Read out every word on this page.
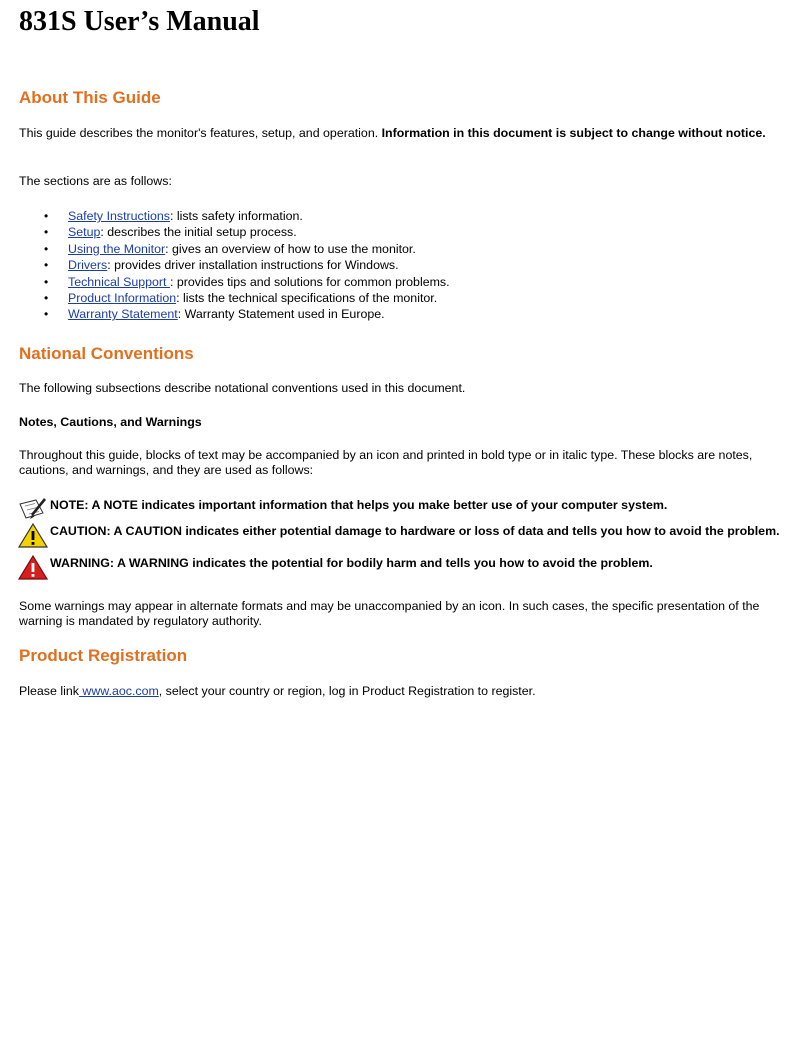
831S User’s Manual
About This Guide

This guide describes the monitor's features, setup, and operation. Information in this document is subject to change without notice.

The sections are as follows:

• Safety Instructions: lists safety information.
• Setup: describes the initial setup process.
• Using the Monitor: gives an overview of how to use the monitor.
• Drivers: provides driver installation instructions for Windows.
• Technical Support : provides tips and solutions for common problems.
• Product Information: lists the technical specifications of the monitor.
• Warranty Statement: Warranty Statement used in Europe.
National Conventions

The following subsections describe notational conventions used in this document.

Notes, Cautions, and Warnings

Throughout this guide, blocks of text may be accompanied by an icon and printed in bold type or in italic type. These blocks are notes, cautions, and warnings, and they are used as follows:

NOTE: A NOTE indicates important information that helps you make better use of your computer system.

CAUTION: A CAUTION indicates either potential damage to hardware or loss of data and tells you how to avoid the problem.

WARNING: A WARNING indicates the potential for bodily harm and tells you how to avoid the problem.

Some warnings may appear in alternate formats and may be unaccompanied by an icon. In such cases, the specific presentation of the warning is mandated by regulatory authority.

Product Registration

Please link www.aoc.com, select your country or region, log in Product Registration to register.
